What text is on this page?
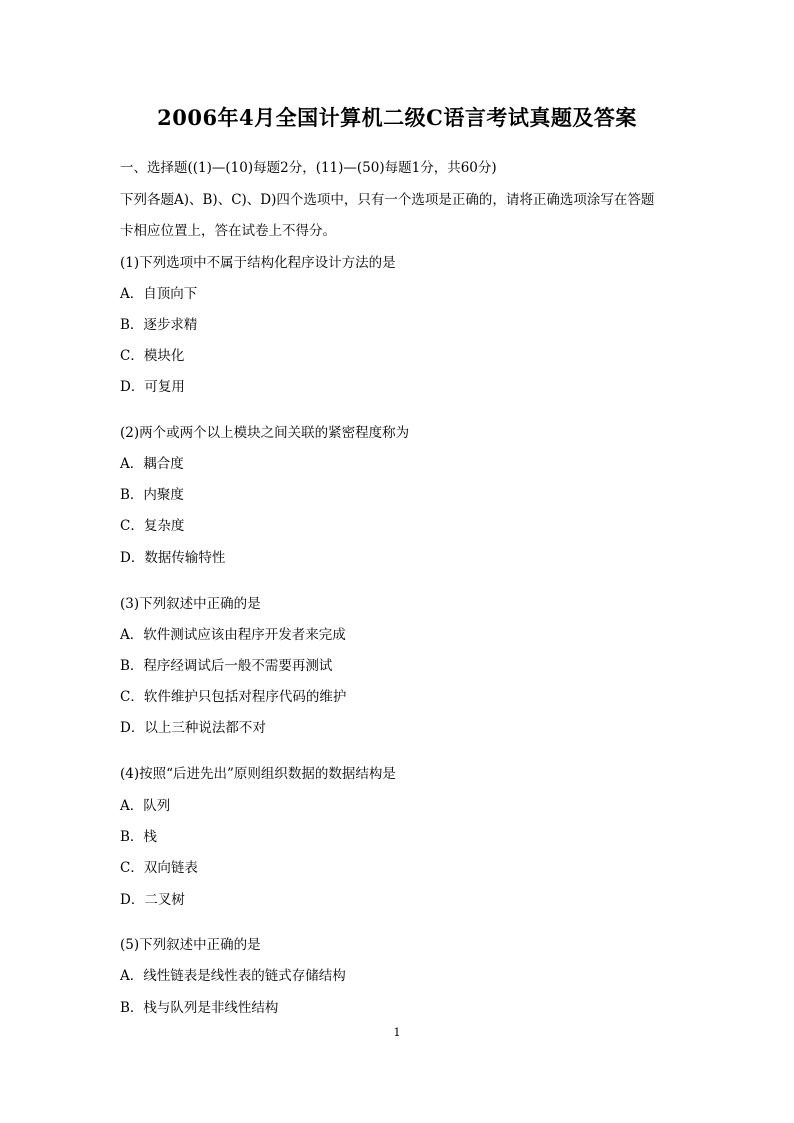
2006年4月全国计算机二级C语言考试真题及答案
一、选择题((1)—(10)每题2分，(11)—(50)每题1分，共60分)
下列各题A)、B)、C)、D)四个选项中，只有一个选项是正确的，请将正确选项涂写在答题
卡相应位置上，答在试卷上不得分。
(1)下列选项中不属于结构化程序设计方法的是
A．自顶向下
B．逐步求精
C．模块化
D．可复用
(2)两个或两个以上模块之间关联的紧密程度称为
A．耦合度
B．内聚度
C．复杂度
D．数据传输特性
(3)下列叙述中正确的是
A．软件测试应该由程序开发者来完成
B．程序经调试后一般不需要再测试
C．软件维护只包括对程序代码的维护
D．以上三种说法都不对
(4)按照“后进先出”原则组织数据的数据结构是
A．队列
B．栈
C．双向链表
D．二叉树
(5)下列叙述中正确的是
A．线性链表是线性表的链式存储结构
B．栈与队列是非线性结构
1
